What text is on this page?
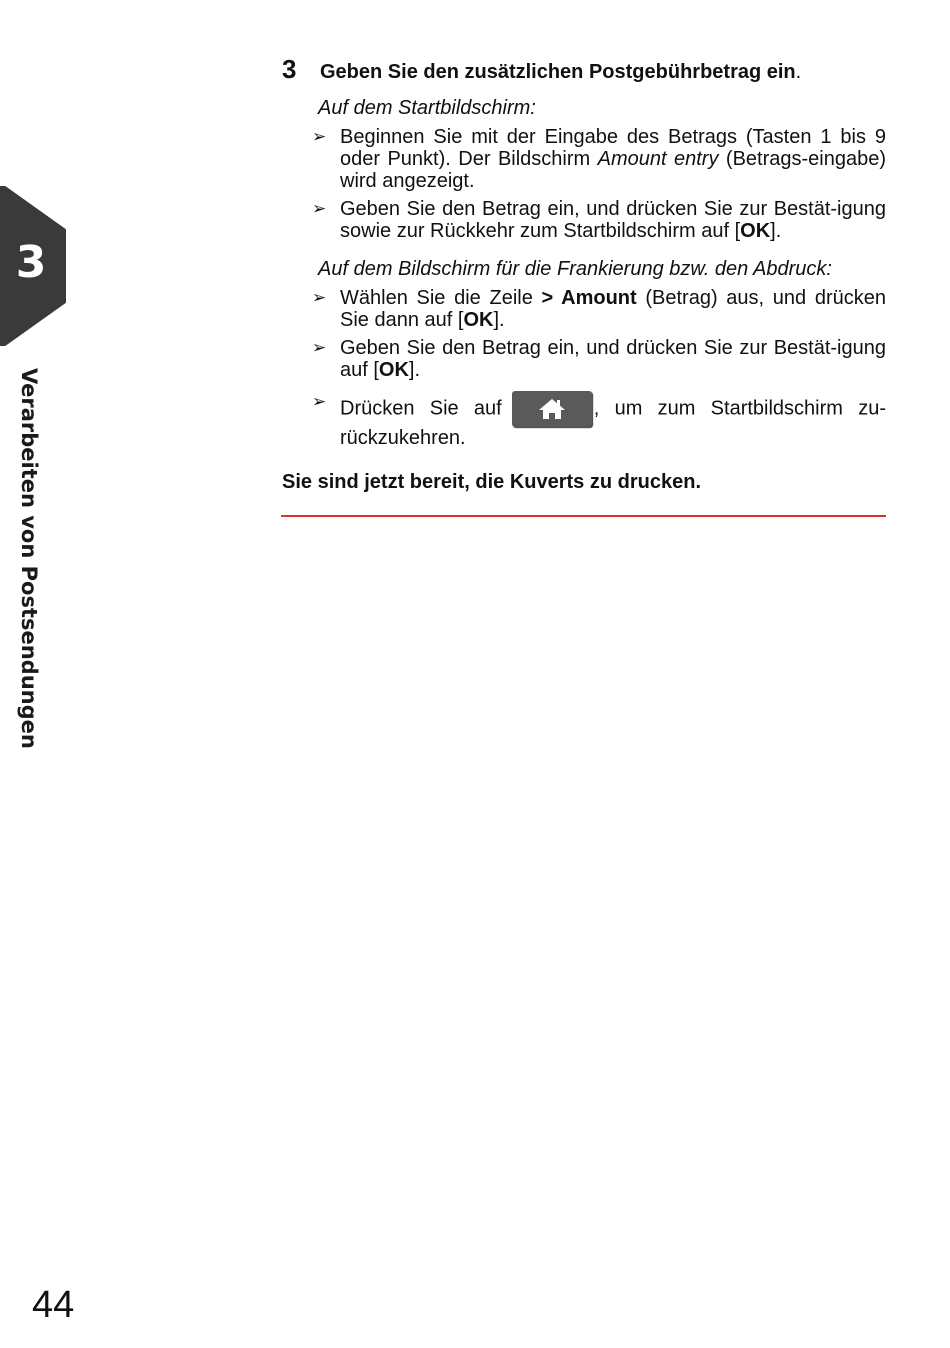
3
Verarbeiten von Postsendungen
3	Geben Sie den zusätzlichen Postgebührbetrag ein.
Auf dem Startbildschirm:
➢ Beginnen Sie mit der Eingabe des Betrags (Tasten 1 bis 9 oder Punkt). Der Bildschirm Amount entry (Betrags-eingabe) wird angezeigt.
➢ Geben Sie den Betrag ein, und drücken Sie zur Bestät-igung sowie zur Rückkehr zum Startbildschirm auf [OK].
Auf dem Bildschirm für die Frankierung bzw. den Abdruck:
➢ Wählen Sie die Zeile > Amount (Betrag) aus, und drücken Sie dann auf [OK].
➢ Geben Sie den Betrag ein, und drücken Sie zur Bestät-igung auf [OK].
➢ Drücken Sie auf	, um zum Startbildschirm zu-rückzukehren.
Sie sind jetzt bereit, die Kuverts zu drucken.
44
